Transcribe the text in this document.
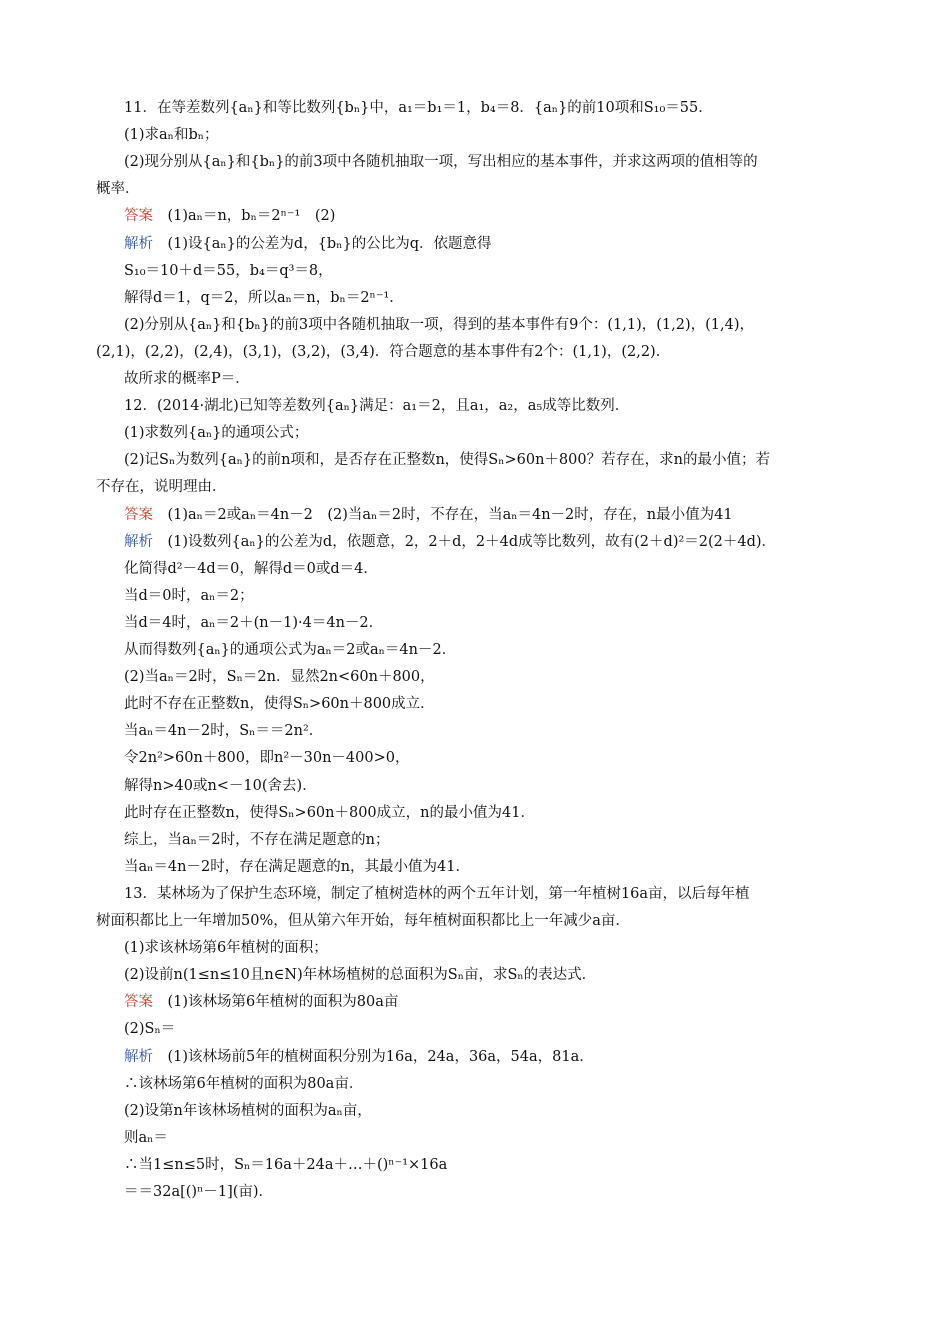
11．在等差数列{aₙ}和等比数列{bₙ}中，a₁＝b₁＝1，b₄＝8．{aₙ}的前10项和S₁₀＝55．
(1)求aₙ和bₙ；
(2)现分别从{aₙ}和{bₙ}的前3项中各随机抽取一项，写出相应的基本事件，并求这两项的值相等的
概率．
答案　(1)aₙ＝n，bₙ＝2ⁿ⁻¹　(2)
解析　(1)设{aₙ}的公差为d，{bₙ}的公比为q．依题意得
S₁₀＝10＋d＝55，b₄＝q³＝8，
解得d＝1，q＝2，所以aₙ＝n，bₙ＝2ⁿ⁻¹．
(2)分别从{aₙ}和{bₙ}的前3项中各随机抽取一项，得到的基本事件有9个：(1,1)，(1,2)，(1,4)，
(2,1)，(2,2)，(2,4)，(3,1)，(3,2)，(3,4)．符合题意的基本事件有2个：(1,1)，(2,2)．
故所求的概率P＝．
12．(2014·湖北)已知等差数列{aₙ}满足：a₁＝2，且a₁，a₂，a₅成等比数列．
(1)求数列{aₙ}的通项公式；
(2)记Sₙ为数列{aₙ}的前n项和，是否存在正整数n，使得Sₙ>60n＋800？若存在，求n的最小值；若
不存在，说明理由．
答案　(1)aₙ＝2或aₙ＝4n－2　(2)当aₙ＝2时，不存在，当aₙ＝4n－2时，存在，n最小值为41
解析　(1)设数列{aₙ}的公差为d，依题意，2，2＋d，2＋4d成等比数列，故有(2＋d)²＝2(2＋4d)．
化简得d²－4d＝0，解得d＝0或d＝4．
当d＝0时，aₙ＝2；
当d＝4时，aₙ＝2＋(n－1)·4＝4n－2．
从而得数列{aₙ}的通项公式为aₙ＝2或aₙ＝4n－2．
(2)当aₙ＝2时，Sₙ＝2n．显然2n<60n＋800，
此时不存在正整数n，使得Sₙ>60n＋800成立．
当aₙ＝4n－2时，Sₙ＝＝2n²．
令2n²>60n＋800，即n²－30n－400>0，
解得n>40或n<－10(舍去)．
此时存在正整数n，使得Sₙ>60n＋800成立，n的最小值为41．
综上，当aₙ＝2时，不存在满足题意的n；
当aₙ＝4n－2时，存在满足题意的n，其最小值为41．
13．某林场为了保护生态环境，制定了植树造林的两个五年计划，第一年植树16a亩，以后每年植
树面积都比上一年增加50%，但从第六年开始，每年植树面积都比上一年减少a亩．
(1)求该林场第6年植树的面积；
(2)设前n(1≤n≤10且n∈N)年林场植树的总面积为Sₙ亩，求Sₙ的表达式．
答案　(1)该林场第6年植树的面积为80a亩
(2)Sₙ＝
解析　(1)该林场前5年的植树面积分别为16a，24a，36a，54a，81a．
∴该林场第6年植树的面积为80a亩．
(2)设第n年该林场植树的面积为aₙ亩，
则aₙ＝
∴当1≤n≤5时，Sₙ＝16a＋24a＋…＋()ⁿ⁻¹×16a
＝＝32a[()ⁿ－1](亩)．
